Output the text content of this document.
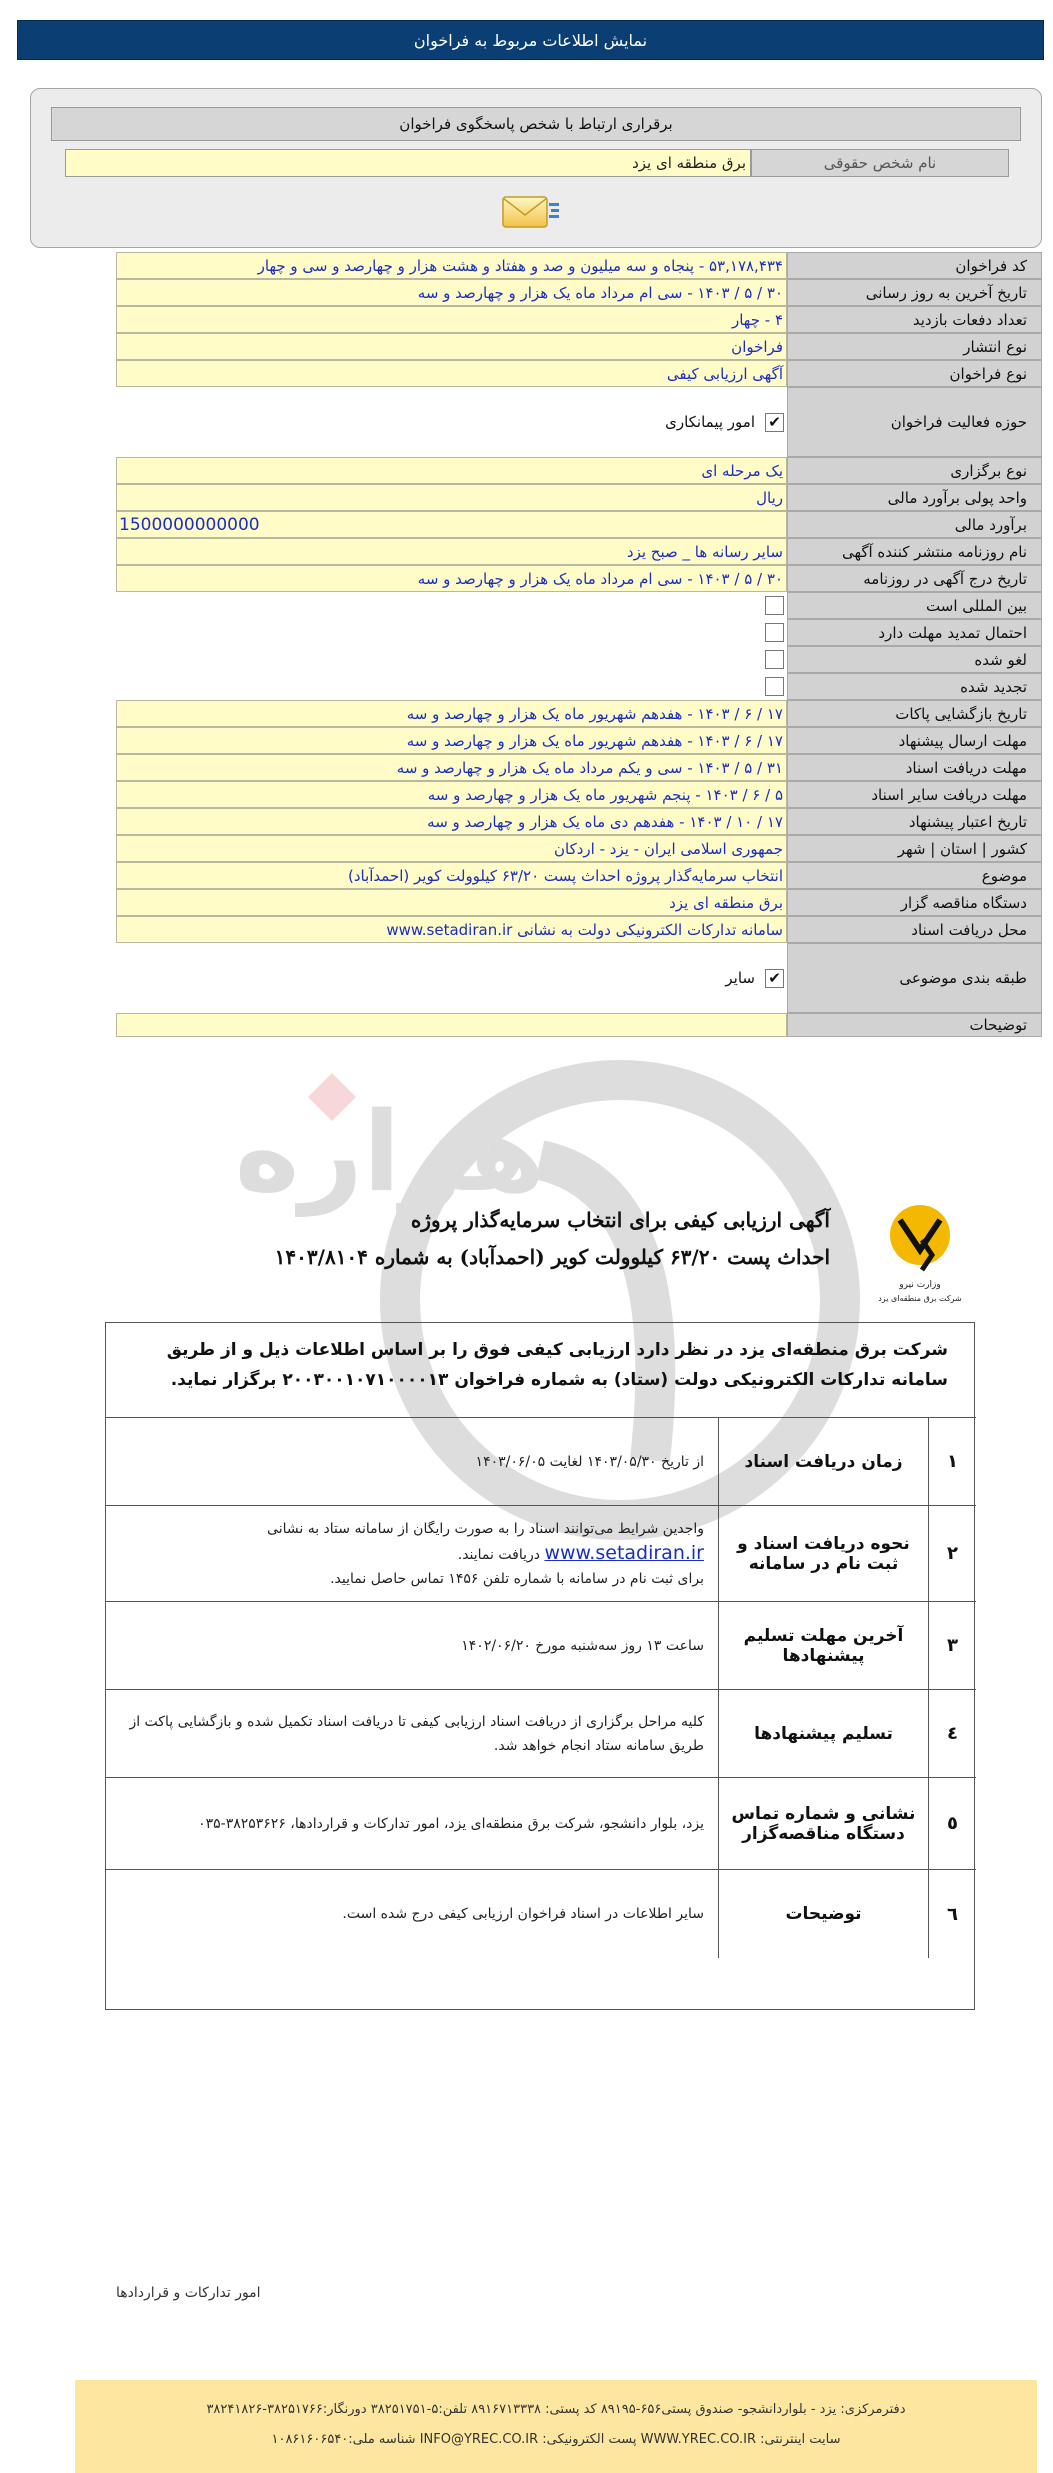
نمایش اطلاعات مربوط به فراخوان
برقراری ارتباط با شخص پاسخگوی فراخوان
نام شخص حقوقی
برق منطقه ای یزد
کد فراخوان
۵۳,۱۷۸,۴۳۴ - پنجاه و سه میلیون و صد و هفتاد و هشت هزار و چهارصد و سی و چهار
تاریخ آخرین به روز رسانی
۳۰ / ۵ / ۱۴۰۳ - سی ام مرداد ماه یک هزار و چهارصد و سه
تعداد دفعات بازدید
۴ - چهار
نوع انتشار
فراخوان
نوع فراخوان
آگهی ارزیابی کیفی
حوزه فعالیت فراخوان
✔
امور پیمانکاری
نوع برگزاری
یک مرحله ای
واحد پولی برآورد مالی
ریال
برآورد مالی
1500000000000
نام روزنامه منتشر کننده آگهی
سایر رسانه ها _ صبح یزد
تاریخ درج آگهی در روزنامه
۳۰ / ۵ / ۱۴۰۳ - سی ام مرداد ماه یک هزار و چهارصد و سه
بین المللی است
احتمال تمدید مهلت دارد
لغو شده
تجدید شده
تاریخ بازگشایی پاکات
۱۷ / ۶ / ۱۴۰۳ - هفدهم شهریور ماه یک هزار و چهارصد و سه
مهلت ارسال پیشنهاد
۱۷ / ۶ / ۱۴۰۳ - هفدهم شهریور ماه یک هزار و چهارصد و سه
مهلت دریافت اسناد
۳۱ / ۵ / ۱۴۰۳ - سی و یکم مرداد ماه یک هزار و چهارصد و سه
مهلت دریافت سایر اسناد
۵ / ۶ / ۱۴۰۳ - پنجم شهریور ماه یک هزار و چهارصد و سه
تاریخ اعتبار پیشنهاد
۱۷ / ۱۰ / ۱۴۰۳ - هفدهم دی ماه یک هزار و چهارصد و سه
کشور | استان | شهر
جمهوری اسلامی ایران - یزد - اردکان
موضوع
انتخاب سرمایه‌گذار پروژه احداث پست ۶۳/۲۰ کیلوولت کویر (احمدآباد)
دستگاه مناقصه گزار
برق منطقه ای یزد
محل دریافت اسناد
سامانه تدارکات الکترونیکی دولت به نشانی www.setadiran.ir
طبقه بندی موضوعی
✔
سایر
توضیحات
هزاره
وزارت نیرو
شرکت برق منطقه‌ای یزد
آگهی ارزیابی کیفی برای انتخاب سرمایه‌گذار پروژه
احداث پست ۶۳/۲۰ کیلوولت کویر (احمدآباد) به شماره ۱۴۰۳/۸۱۰۴
شرکت برق منطقه‌ای یزد در نظر دارد ارزیابی کیفی فوق را بر اساس اطلاعات ذیل و از طریق سامانه تدارکات الکترونیکی دولت (ستاد) به شماره فراخوان ۲۰۰۳۰۰۱۰۷۱۰۰۰۰۱۳ برگزار نماید.
۱
زمان دریافت اسناد
از تاریخ ۱۴۰۳/۰۵/۳۰ لغایت ۱۴۰۳/۰۶/۰۵
۲
نحوه دریافت اسناد و ثبت نام در سامانه
واجدین شرایط می‌توانند اسناد را به صورت رایگان از سامانه ستاد به نشانی
www.setadiran.ir دریافت نمایند.
برای ثبت نام در سامانه با شماره تلفن ۱۴۵۶ تماس حاصل نمایید.
۳
آخرین مهلت تسلیم پیشنهادها
ساعت ۱۳ روز سه‌شنبه مورخ ۱۴۰۲/۰۶/۲۰
٤
تسلیم پیشنهادها
کلیه مراحل برگزاری از دریافت اسناد ارزیابی کیفی تا دریافت اسناد تکمیل شده و بازگشایی پاکت از طریق سامانه ستاد انجام خواهد شد.
٥
نشانی و شماره تماس دستگاه مناقصه‌گزار
یزد، بلوار دانشجو، شرکت برق منطقه‌ای یزد، امور تدارکات و قراردادها، ۳۸۲۵۳۶۲۶-۰۳۵
٦
توضیحات
سایر اطلاعات در اسناد فراخوان ارزیابی کیفی درج شده است.
امور تدارکات و قراردادها
دفترمرکزی: یزد - بلواردانشجو- صندوق پستی۶۵۶-۸۹۱۹۵ کد پستی: ۸۹۱۶۷۱۳۳۳۸ تلفن:۵-۳۸۲۵۱۷۵۱ دورنگار:۳۸۲۵۱۷۶۶-۳۸۲۴۱۸۲۶
سایت اینترنتی: WWW.YREC.CO.IR پست الکترونیکی: INFO@YREC.CO.IR شناسه ملی:۱۰۸۶۱۶۰۶۵۴۰
